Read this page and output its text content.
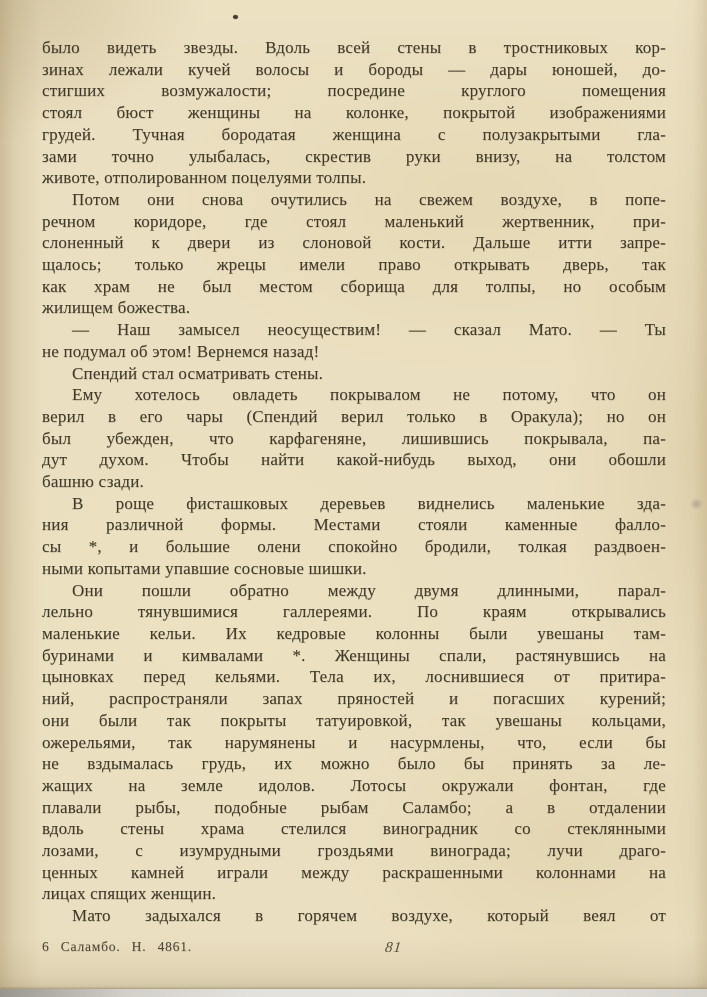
было видеть звезды. Вдоль всей стены в тростниковых кор-
зинах лежали кучей волосы и бороды — дары юношей, до-
стигших возмужалости; посредине круглого помещения
стоял бюст женщины на колонке, покрытой изображениями
грудей. Тучная бородатая женщина с полузакрытыми гла-
зами точно улыбалась, скрестив руки внизу, на толстом
животе, отполированном поцелуями толпы.
Потом они снова очутились на свежем воздухе, в попе-
речном коридоре, где стоял маленький жертвенник, при-
слоненный к двери из слоновой кости. Дальше итти запре-
щалось; только жрецы имели право открывать дверь, так
как храм не был местом сборища для толпы, но особым
жилищем божества.
— Наш замысел неосуществим! — сказал Мато. — Ты
не подумал об этом! Вернемся назад!
Спендий стал осматривать стены.
Ему хотелось овладеть покрывалом не потому, что он
верил в его чары (Спендий верил только в Оракула); но он
был убежден, что карфагеняне, лишившись покрывала, па-
дут духом. Чтобы найти какой-нибудь выход, они обошли
башню сзади.
В роще фисташковых деревьев виднелись маленькие зда-
ния различной формы. Местами стояли каменные фалло-
сы *, и большие олени спокойно бродили, толкая раздвоен-
ными копытами упавшие сосновые шишки.
Они пошли обратно между двумя длинными, парал-
лельно тянувшимися галлереями. По краям открывались
маленькие кельи. Их кедровые колонны были увешаны там-
буринами и кимвалами *. Женщины спали, растянувшись на
цыновках перед кельями. Тела их, лоснившиеся от притира-
ний, распространяли запах пряностей и погасших курений;
они были так покрыты татуировкой, так увешаны кольцами,
ожерельями, так нарумянены и насурмлены, что, если бы
не вздымалась грудь, их можно было бы принять за ле-
жащих на земле идолов. Лотосы окружали фонтан, где
плавали рыбы, подобные рыбам Саламбо; а в отдалении
вдоль стены храма стелился виноградник со стеклянными
лозами, с изумрудными гроздьями винограда; лучи драго-
ценных камней играли между раскрашенными колоннами на
лицах спящих женщин.
Мато задыхался в горячем воздухе, который веял от
6 Саламбо. Н. 4861.	81
